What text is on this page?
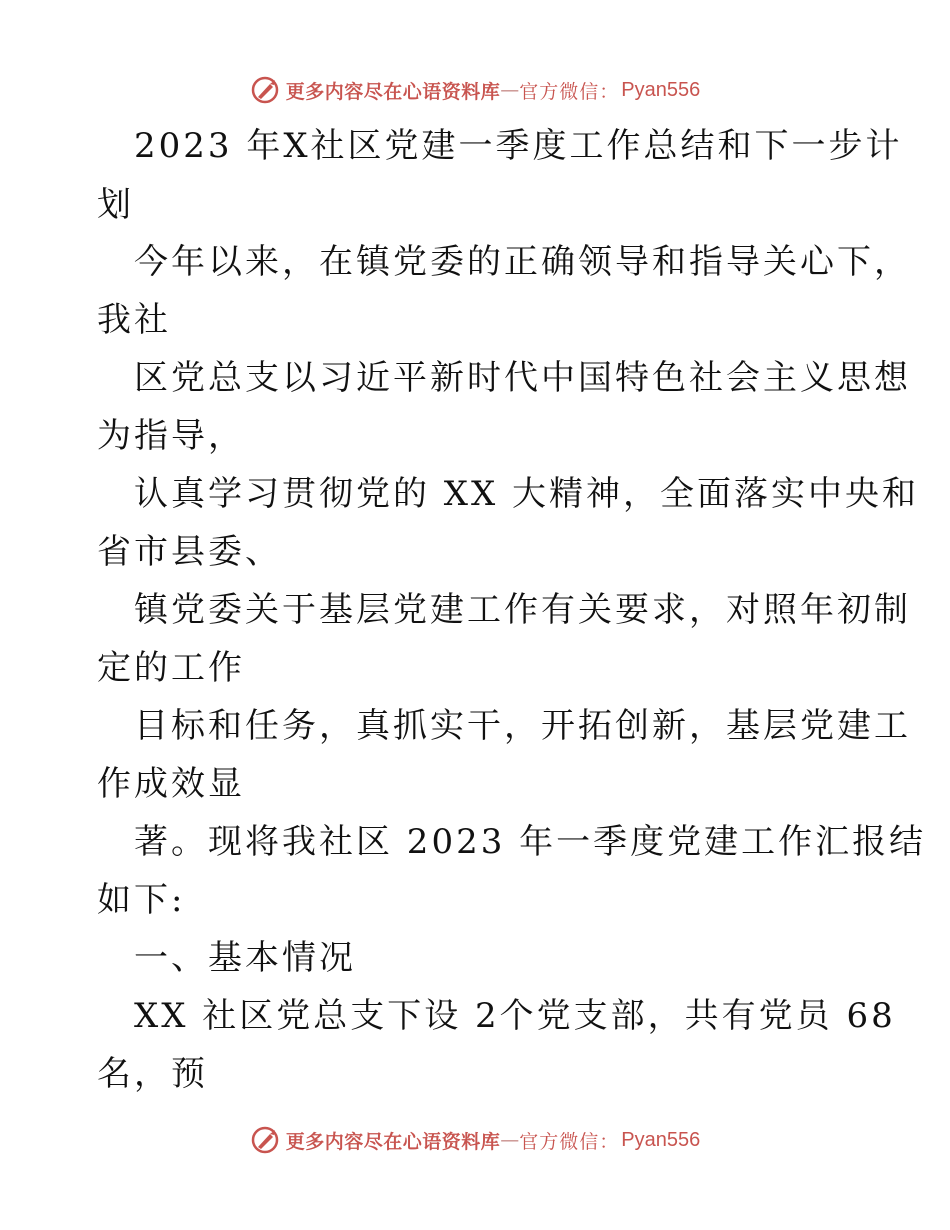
更多内容尽在心语资料库 — 官方微信： Pyan556
2023 年X社区党建一季度工作总结和下一步计
划
今年以来，在镇党委的正确领导和指导关心下，
我社
区党总支以习近平新时代中国特色社会主义思想
为指导，
认真学习贯彻党的 XX 大精神，全面落实中央和
省市县委、
镇党委关于基层党建工作有关要求，对照年初制
定的工作
目标和任务，真抓实干，开拓创新，基层党建工
作成效显
著。现将我社区 2023 年一季度党建工作汇报结
如下:
一、基本情况
XX 社区党总支下设 2个党支部，共有党员 68
名，预
更多内容尽在心语资料库 — 官方微信： Pyan556
